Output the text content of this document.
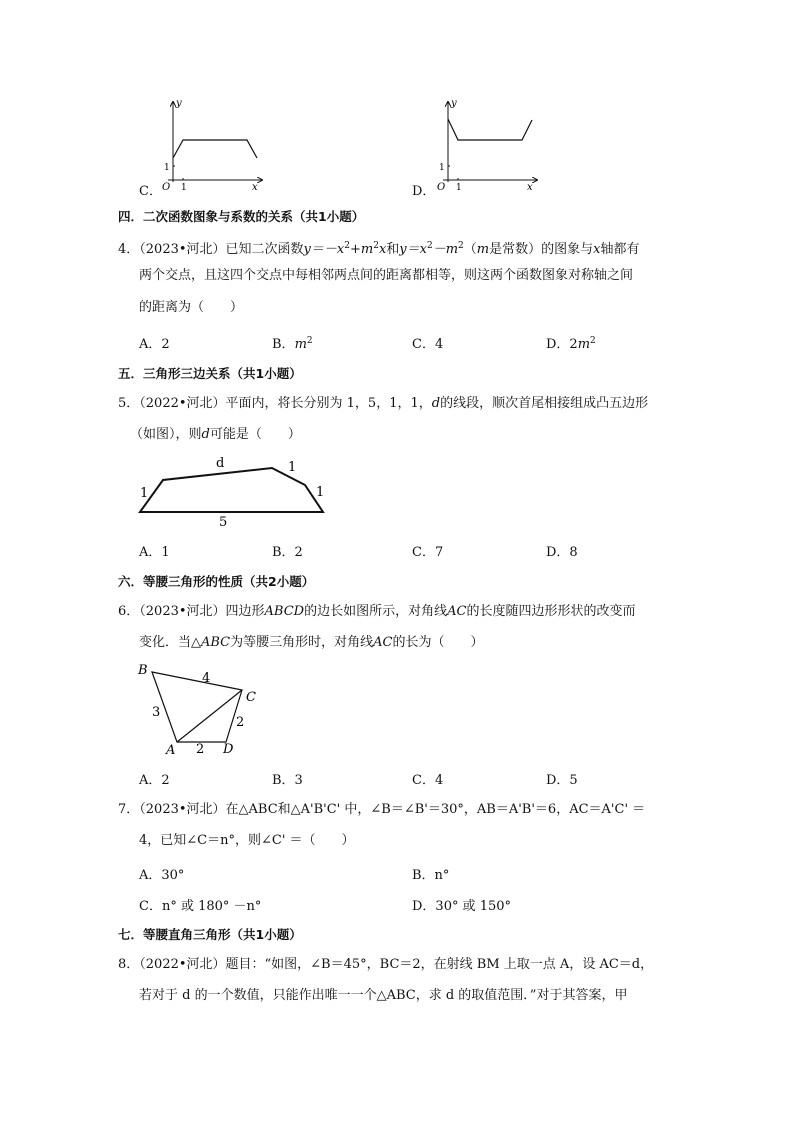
C．
y
x
O 1
1
D．
y
x
O 1
1
四．二次函数图象与系数的关系（共1小题）
4．（2023•河北）已知二次函数$y=-x^2+m^2x$和$y=x^2-m^2(m$是常数）的图象与x轴都有
两个交点，且这四个交点中每相邻两点间的距离都相等，则这两个函数图象对称轴之间
的距离为（　　）
A．2	B．$m^2$	C．4	D．$2m^2$
五．三角形三边关系（共1小题）
5．（2022•河北）平面内，将长分别为 1，5，1，1，d的线段，顺次首尾相接组成凸五边形
（如图），则d可能是（　　）
d
1
1
1
5
A．1	B．2	C．7	D．8
六．等腰三角形的性质（共2小题）
6．（2023•河北）四边形ABCD的边长如图所示，对角线AC的长度随四边形形状的改变而
变化．当△ABC为等腰三角形时，对角线AC的长为（　　）
B
C
A	D
3
4
2
2
A．2	B．3	C．4	D．5
7．（2023•河北）在△ABC和△A'B'C' 中，∠B＝∠B'＝30°，AB＝A'B'＝6，AC＝A'C' ＝
4，已知∠C＝n°，则∠C' ＝（　　）
A．30°	B．n°
C．n° 或 180° －n°	D．30° 或 150°
七．等腰直角三角形（共1小题）
8．（2022•河北）题目：“如图，∠B＝45°，BC＝2，在射线 BM 上取一点 A，设 AC＝d，
若对于 d 的一个数值，只能作出唯一一个△ABC，求 d 的取值范围．”对于其答案，甲
